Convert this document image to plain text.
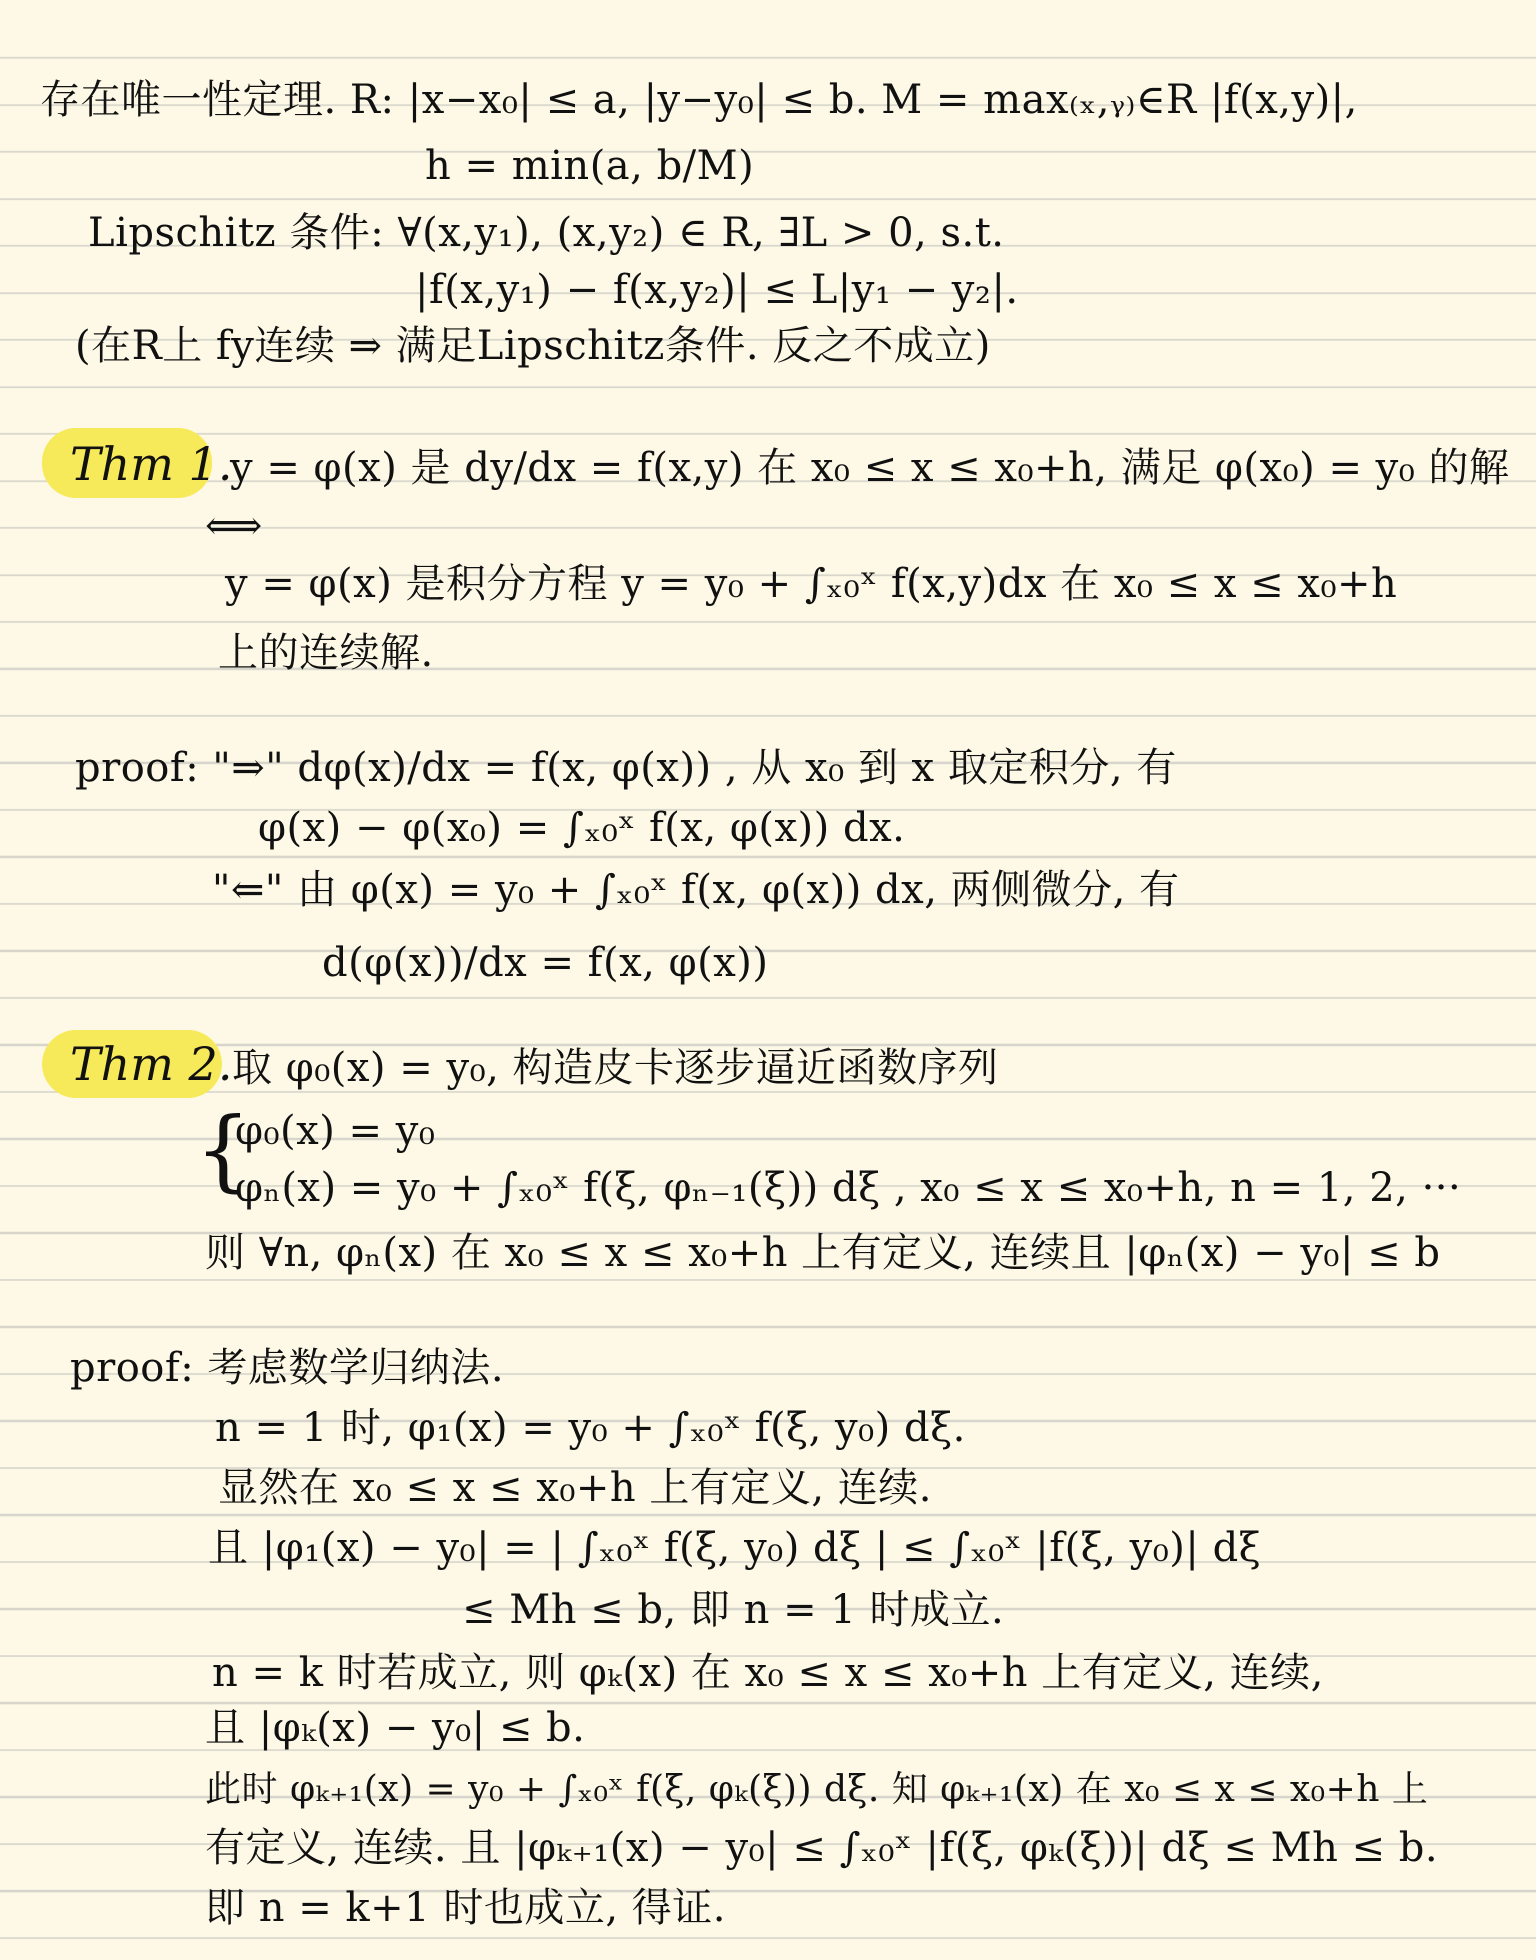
存在唯一性定理. R: |x−x₀| ≤ a, |y−y₀| ≤ b. M = max₍ₓ,ᵧ₎∈R |f(x,y)|,
h = min(a, b/M)
Lipschitz 条件: ∀(x,y₁), (x,y₂) ∈ R, ∃L > 0, s.t.
|f(x,y₁) − f(x,y₂)| ≤ L|y₁ − y₂|.
(在R上 fy连续 ⇒ 满足Lipschitz条件. 反之不成立)
Thm 1.
y = φ(x) 是 dy/dx = f(x,y) 在 x₀ ≤ x ≤ x₀+h, 满足 φ(x₀) = y₀ 的解
⟺
y = φ(x) 是积分方程 y = y₀ + ∫ₓ₀ˣ f(x,y)dx 在 x₀ ≤ x ≤ x₀+h
上的连续解.
proof: "⇒" dφ(x)/dx = f(x, φ(x)) , 从 x₀ 到 x 取定积分, 有
φ(x) − φ(x₀) = ∫ₓ₀ˣ f(x, φ(x)) dx.
"⇐" 由 φ(x) = y₀ + ∫ₓ₀ˣ f(x, φ(x)) dx, 两侧微分, 有
d(φ(x))/dx = f(x, φ(x))
Thm 2. 取 φ₀(x) = y₀, 构造皮卡逐步逼近函数序列
{
φ₀(x) = y₀
φₙ(x) = y₀ + ∫ₓ₀ˣ f(ξ, φₙ₋₁(ξ)) dξ , x₀ ≤ x ≤ x₀+h, n = 1, 2, ···
则 ∀n, φₙ(x) 在 x₀ ≤ x ≤ x₀+h 上有定义, 连续且 |φₙ(x) − y₀| ≤ b
proof: 考虑数学归纳法.
n = 1 时, φ₁(x) = y₀ + ∫ₓ₀ˣ f(ξ, y₀) dξ.
显然在 x₀ ≤ x ≤ x₀+h 上有定义, 连续.
且 |φ₁(x) − y₀| = | ∫ₓ₀ˣ f(ξ, y₀) dξ | ≤ ∫ₓ₀ˣ |f(ξ, y₀)| dξ
≤ Mh ≤ b, 即 n = 1 时成立.
n = k 时若成立, 则 φₖ(x) 在 x₀ ≤ x ≤ x₀+h 上有定义, 连续,
且 |φₖ(x) − y₀| ≤ b.
此时 φₖ₊₁(x) = y₀ + ∫ₓ₀ˣ f(ξ, φₖ(ξ)) dξ. 知 φₖ₊₁(x) 在 x₀ ≤ x ≤ x₀+h 上
有定义, 连续. 且 |φₖ₊₁(x) − y₀| ≤ ∫ₓ₀ˣ |f(ξ, φₖ(ξ))| dξ ≤ Mh ≤ b.
即 n = k+1 时也成立, 得证.
